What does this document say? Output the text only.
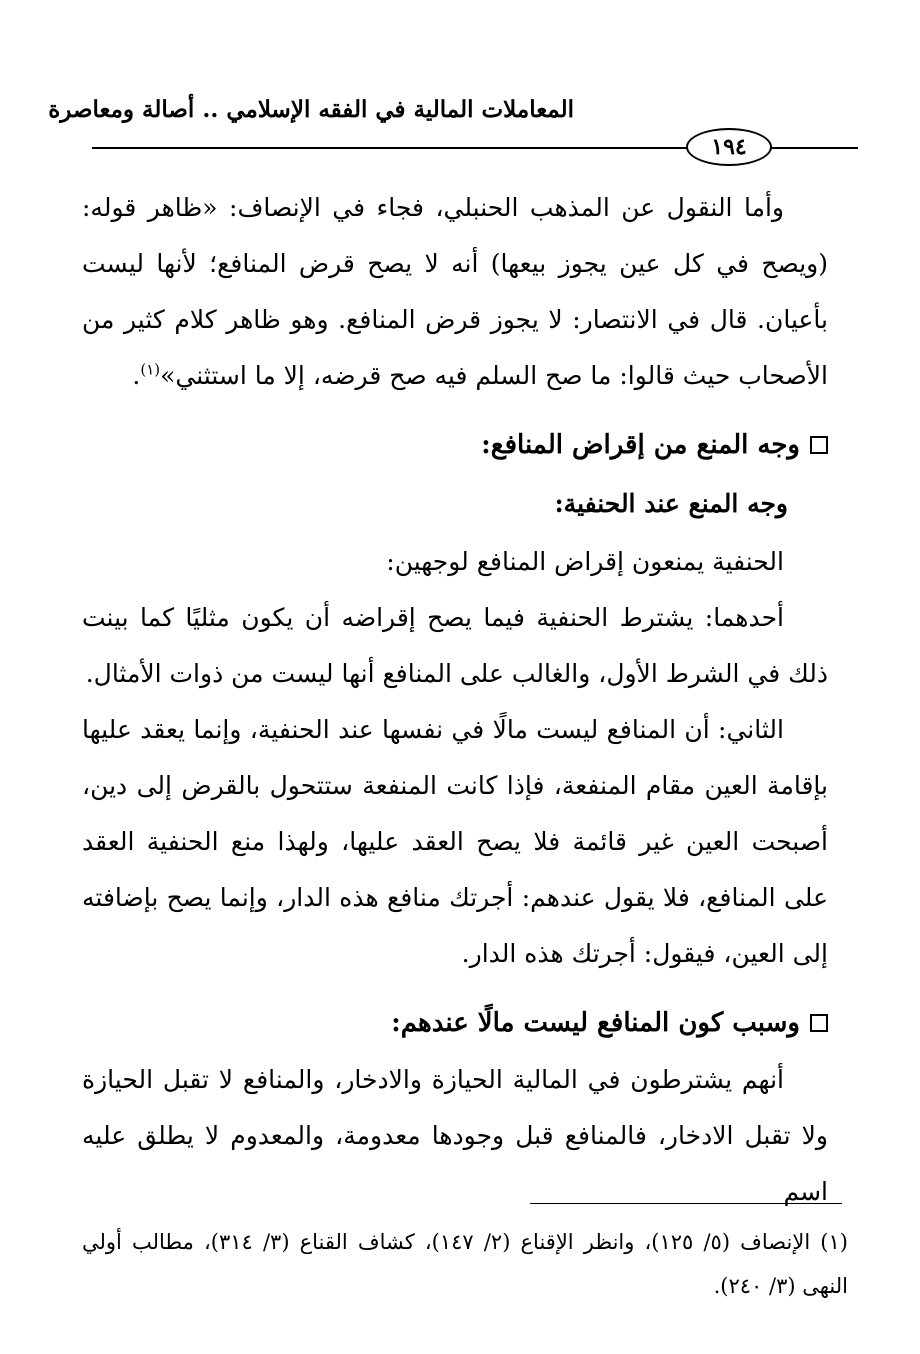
المعاملات المالية في الفقه الإسلامي .. أصالة ومعاصرة
١٩٤

وأما النقول عن المذهب الحنبلي، فجاء في الإنصاف: «ظاهر قوله: (ويصح في كل عين يجوز بيعها) أنه لا يصح قرض المنافع؛ لأنها ليست بأعيان. قال في الانتصار: لا يجوز قرض المنافع. وهو ظاهر كلام كثير من الأصحاب حيث قالوا: ما صح السلم فيه صح قرضه، إلا ما استثني»$^{(١)}$.

وجه المنع من إقراض المنافع:
وجه المنع عند الحنفية:

الحنفية يمنعون إقراض المنافع لوجهين:

أحدهما: يشترط الحنفية فيما يصح إقراضه أن يكون مثليًا كما بينت ذلك في الشرط الأول، والغالب على المنافع أنها ليست من ذوات الأمثال.

الثاني: أن المنافع ليست مالًا في نفسها عند الحنفية، وإنما يعقد عليها بإقامة العين مقام المنفعة، فإذا كانت المنفعة ستتحول بالقرض إلى دين، أصبحت العين غير قائمة فلا يصح العقد عليها، ولهذا منع الحنفية العقد على المنافع، فلا يقول عندهم: أجرتك منافع هذه الدار، وإنما يصح بإضافته إلى العين، فيقول: أجرتك هذه الدار.

وسبب كون المنافع ليست مالًا عندهم:

أنهم يشترطون في المالية الحيازة والادخار، والمنافع لا تقبل الحيازة ولا تقبل الادخار، فالمنافع قبل وجودها معدومة، والمعدوم لا يطلق عليه اسم

(١) الإنصاف (٥/ ١٢٥)، وانظر الإقناع (٢/ ١٤٧)، كشاف القناع (٣/ ٣١٤)، مطالب أولي النهى (٣/ ٢٤٠).
